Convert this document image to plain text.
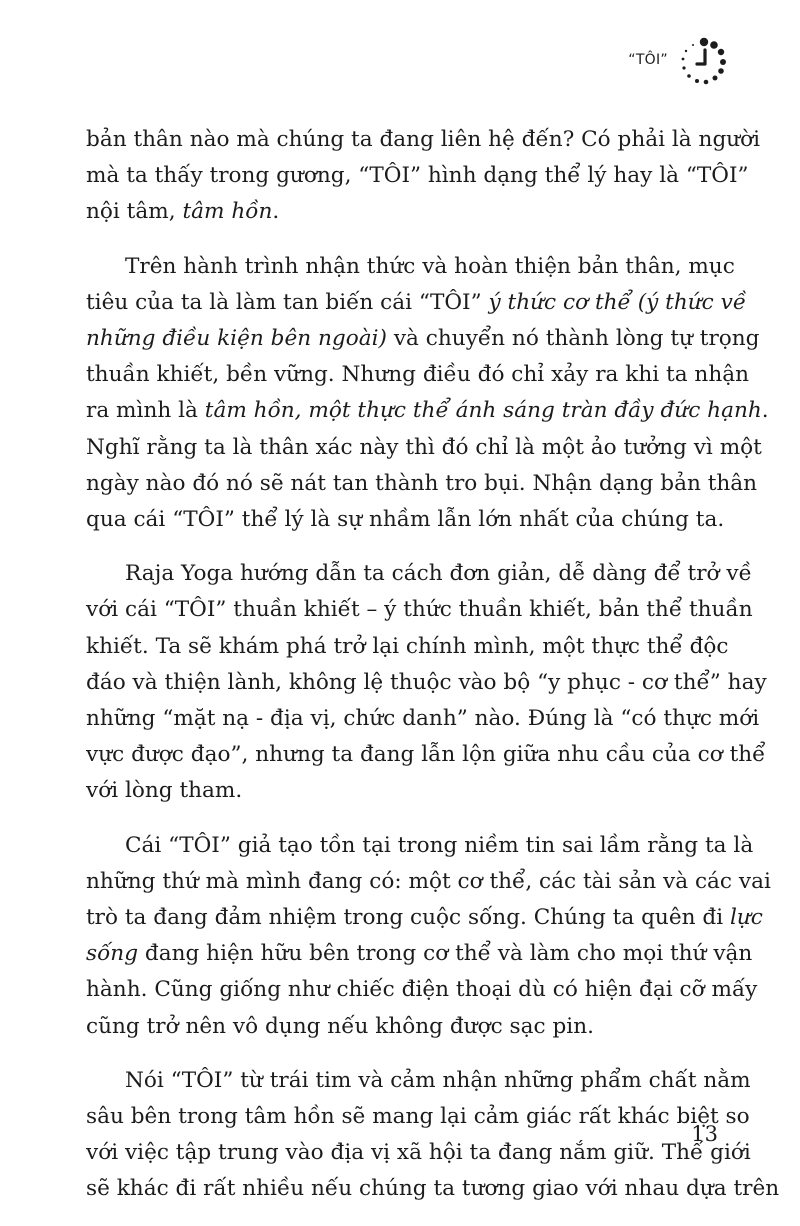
“TÔI”
bản thân nào mà chúng ta đang liên hệ đến? Có phải là người
mà ta thấy trong gương, “TÔI” hình dạng thể lý hay là “TÔI”
nội tâm, tâm hồn.
Trên hành trình nhận thức và hoàn thiện bản thân, mục
tiêu của ta là làm tan biến cái “TÔI” ý thức cơ thể (ý thức về
những điều kiện bên ngoài) và chuyển nó thành lòng tự trọng
thuần khiết, bền vững. Nhưng điều đó chỉ xảy ra khi ta nhận
ra mình là tâm hồn, một thực thể ánh sáng tràn đầy đức hạnh.
Nghĩ rằng ta là thân xác này thì đó chỉ là một ảo tưởng vì một
ngày nào đó nó sẽ nát tan thành tro bụi. Nhận dạng bản thân
qua cái “TÔI” thể lý là sự nhầm lẫn lớn nhất của chúng ta.
Raja Yoga hướng dẫn ta cách đơn giản, dễ dàng để trở về
với cái “TÔI” thuần khiết – ý thức thuần khiết, bản thể thuần
khiết. Ta sẽ khám phá trở lại chính mình, một thực thể độc
đáo và thiện lành, không lệ thuộc vào bộ “y phục - cơ thể” hay
những “mặt nạ - địa vị, chức danh” nào. Đúng là “có thực mới
vực được đạo”, nhưng ta đang lẫn lộn giữa nhu cầu của cơ thể
với lòng tham.
Cái “TÔI” giả tạo tồn tại trong niềm tin sai lầm rằng ta là
những thứ mà mình đang có: một cơ thể, các tài sản và các vai
trò ta đang đảm nhiệm trong cuộc sống. Chúng ta quên đi lực
sống đang hiện hữu bên trong cơ thể và làm cho mọi thứ vận
hành. Cũng giống như chiếc điện thoại dù có hiện đại cỡ mấy
cũng trở nên vô dụng nếu không được sạc pin.
Nói “TÔI” từ trái tim và cảm nhận những phẩm chất nằm
sâu bên trong tâm hồn sẽ mang lại cảm giác rất khác biệt so
với việc tập trung vào địa vị xã hội ta đang nắm giữ. Thế giới
sẽ khác đi rất nhiều nếu chúng ta tương giao với nhau dựa trên
13
